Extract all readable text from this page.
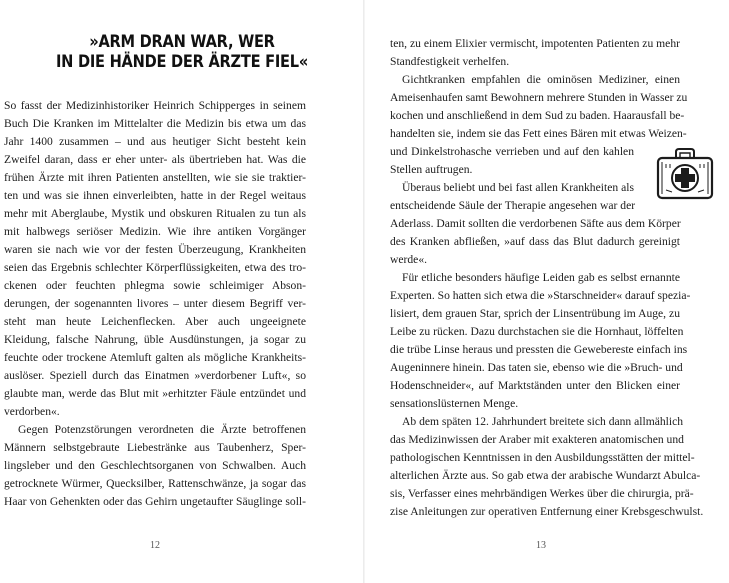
»ARM DRAN WAR, WER
IN DIE HÄNDE DER ÄRZTE FIEL«
So fasst der Medizinhistoriker Heinrich Schipperges in seinem
Buch Die Kranken im Mittelalter die Medizin bis etwa um das
Jahr 1400 zusammen – und aus heutiger Sicht besteht kein
Zweifel daran, dass er eher unter- als übertrieben hat. Was die
frühen Ärzte mit ihren Patienten anstellten, wie sie sie traktier-
ten und was sie ihnen einverleibten, hatte in der Regel weitaus
mehr mit Aberglaube, Mystik und obskuren Ritualen zu tun als
mit halbwegs seriöser Medizin. Wie ihre antiken Vorgänger
waren sie nach wie vor der festen Überzeugung, Krankheiten
seien das Ergebnis schlechter Körperflüssigkeiten, etwa des tro-
ckenen oder feuchten phlegma sowie schleimiger Abson-
derungen, der sogenannten livores – unter diesem Begriff ver-
steht man heute Leichenflecken. Aber auch ungeeignete
Kleidung, falsche Nahrung, üble Ausdünstungen, ja sogar zu
feuchte oder trockene Atemluft galten als mögliche Krankheits-
auslöser. Speziell durch das Einatmen »verdorbener Luft«, so
glaubte man, werde das Blut mit »erhitzter Fäule entzündet und
verdorben«.
Gegen Potenzstörungen verordneten die Ärzte betroffenen
Männern selbstgebraute Liebestränke aus Taubenherz, Sper-
lingsleber und den Geschlechtsorganen von Schwalben. Auch
getrocknete Würmer, Quecksilber, Rattenschwänze, ja sogar das
Haar von Gehenkten oder das Gehirn ungetaufter Säuglinge soll-
12
ten, zu einem Elixier vermischt, impotenten Patienten zu mehr
Standfestigkeit verhelfen.
Gichtkranken empfahlen die ominösen Mediziner, einen
Ameisenhaufen samt Bewohnern mehrere Stunden in Wasser zu
kochen und anschließend in dem Sud zu baden. Haarausfall be-
handelten sie, indem sie das Fett eines Bären mit etwas Weizen-
und Dinkelstrohasche verrieben und auf den kahlen
Stellen auftrugen.
Überaus beliebt und bei fast allen Krankheiten als
entscheidende Säule der Therapie angesehen war der
Aderlass. Damit sollten die verdorbenen Säfte aus dem Körper
des Kranken abfließen, »auf dass das Blut dadurch gereinigt
werde«.
Für etliche besonders häufige Leiden gab es selbst ernannte
Experten. So hatten sich etwa die »Starschneider« darauf spezia-
lisiert, dem grauen Star, sprich der Linsentrübung im Auge, zu
Leibe zu rücken. Dazu durchstachen sie die Hornhaut, löffelten
die trübe Linse heraus und pressten die Gewebereste einfach ins
Augeninnere hinein. Das taten sie, ebenso wie die »Bruch- und
Hodenschneider«, auf Marktständen unter den Blicken einer
sensationslüsternen Menge.
Ab dem späten 12. Jahrhundert breitete sich dann allmählich
das Medizinwissen der Araber mit exakteren anatomischen und
pathologischen Kenntnissen in den Ausbildungsstätten der mittel-
alterlichen Ärzte aus. So gab etwa der arabische Wundarzt Abulca-
sis, Verfasser eines mehrbändigen Werkes über die chirurgia, prä-
zise Anleitungen zur operativen Entfernung einer Krebsgeschwulst.
13
